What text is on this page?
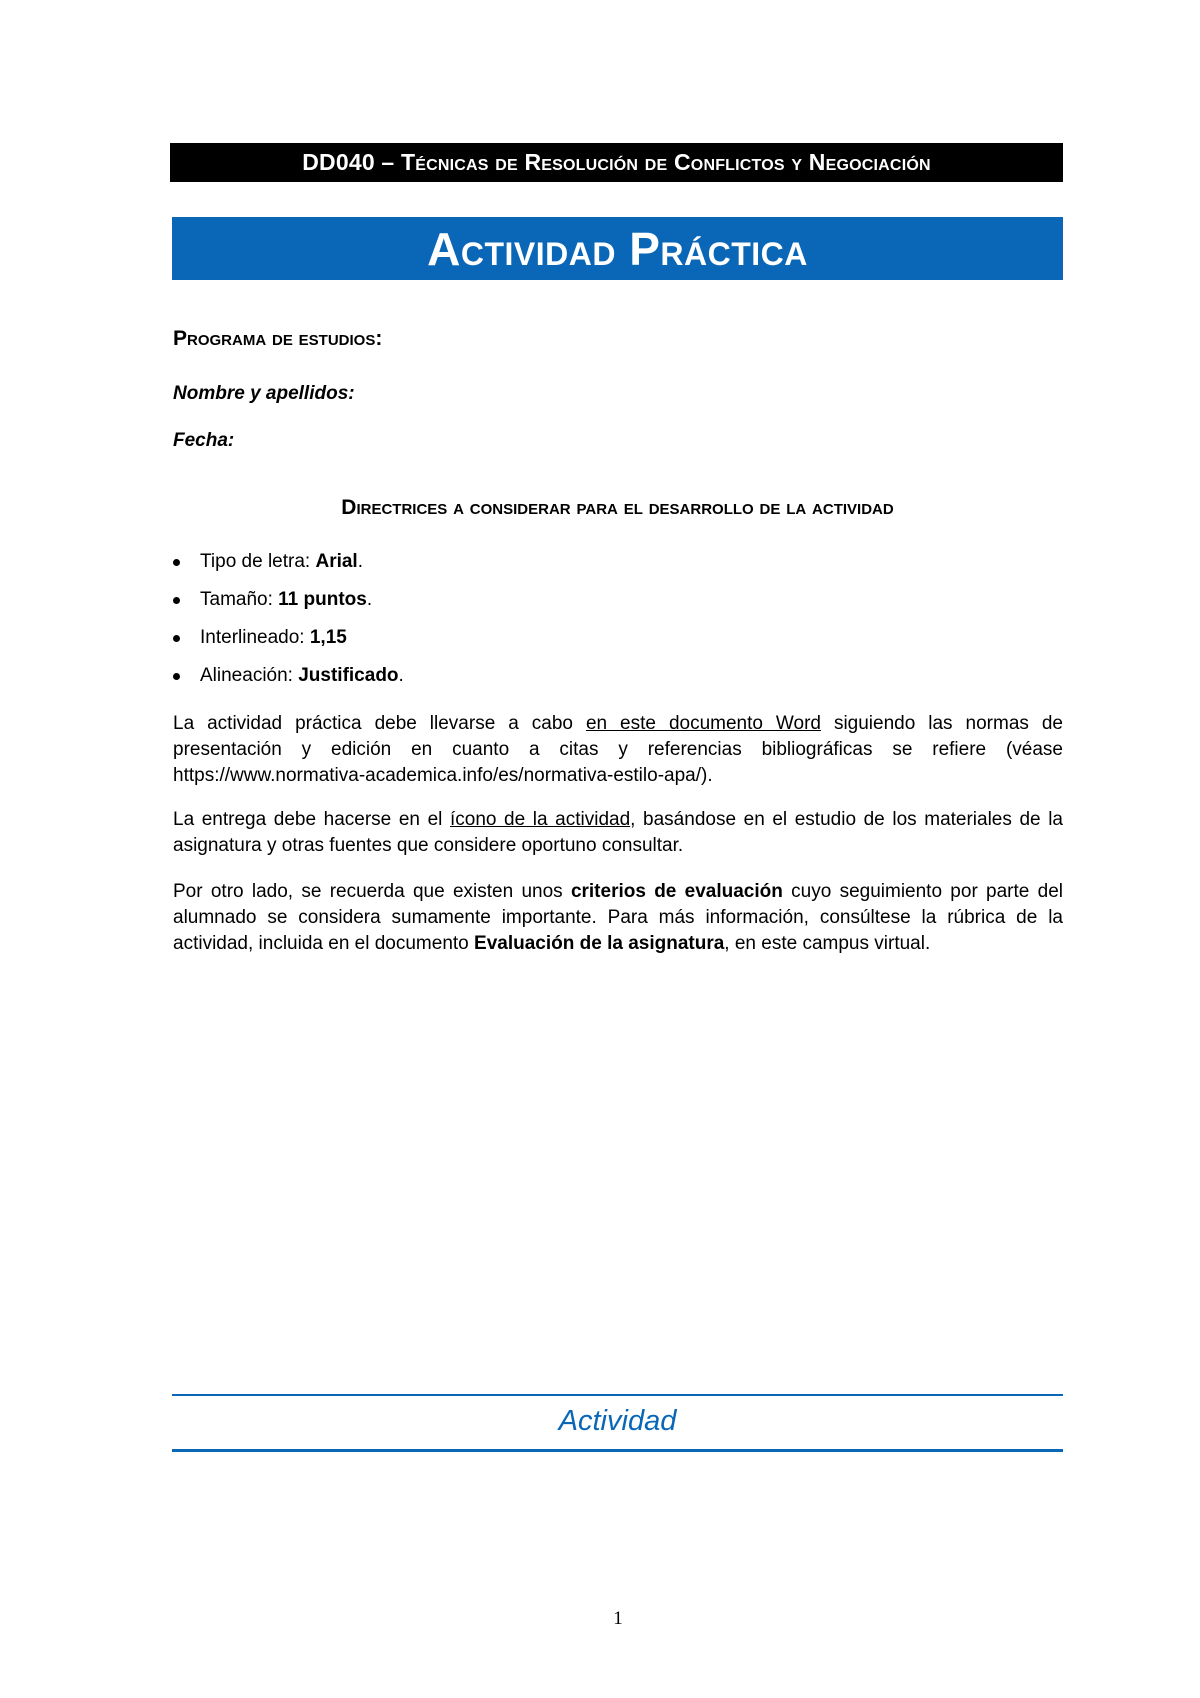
DD040 – Técnicas de Resolución de Conflictos y Negociación
Actividad Práctica
Programa de estudios:
Nombre y apellidos:
Fecha:
Directrices a considerar para el desarrollo de la actividad
Tipo de letra: Arial.
Tamaño: 11 puntos.
Interlineado: 1,15
Alineación: Justificado.

La actividad práctica debe llevarse a cabo en este documento Word siguiendo las normas de presentación y edición en cuanto a citas y referencias bibliográficas se refiere (véase https://www.normativa-academica.info/es/normativa-estilo-apa/).

La entrega debe hacerse en el ícono de la actividad, basándose en el estudio de los materiales de la asignatura y otras fuentes que considere oportuno consultar.

Por otro lado, se recuerda que existen unos criterios de evaluación cuyo seguimiento por parte del alumnado se considera sumamente importante. Para más información, consúltese la rúbrica de la actividad, incluida en el documento Evaluación de la asignatura, en este campus virtual.

Actividad
1
